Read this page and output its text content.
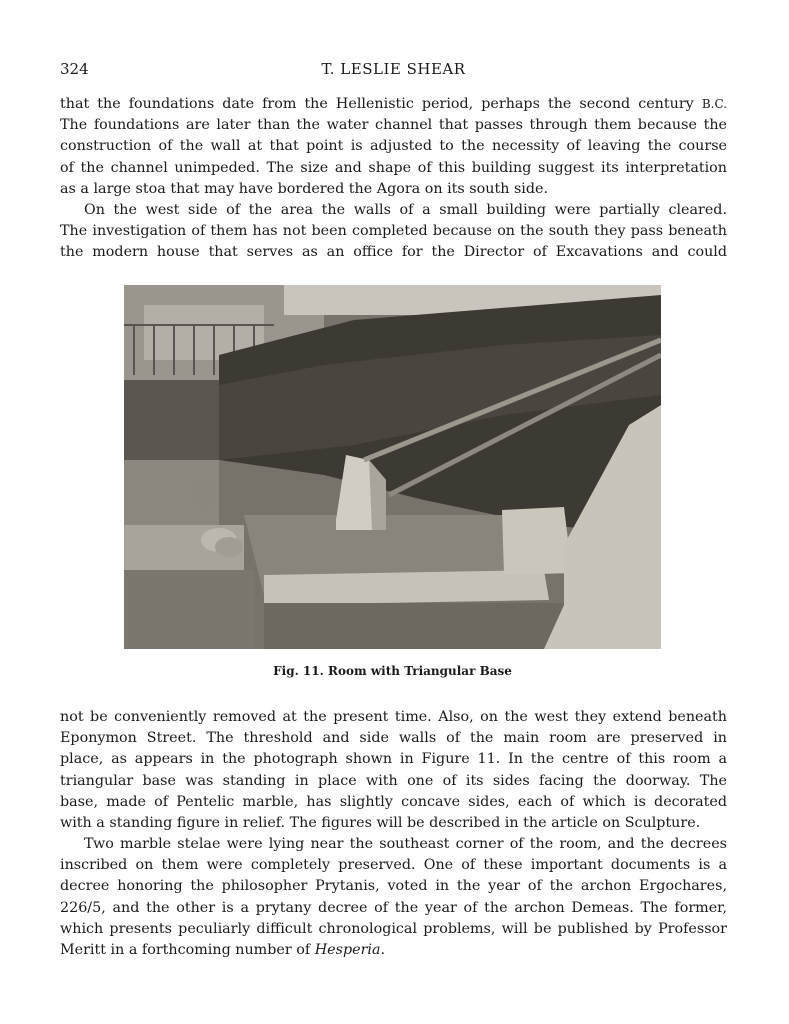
324	T. LESLIE SHEAR

that the foundations date from the Hellenistic period, perhaps the second century B.C.
The foundations are later than the water channel that passes through them because the
construction of the wall at that point is adjusted to the necessity of leaving the course
of the channel unimpeded. The size and shape of this building suggest its interpretation
as a large stoa that may have bordered the Agora on its south side.

On the west side of the area the walls of a small building were partially cleared.
The investigation of them has not been completed because on the south they pass beneath
the modern house that serves as an office for the Director of Excavations and could

Fig. 11. Room with Triangular Base

not be conveniently removed at the present time. Also, on the west they extend beneath
Eponymon Street. The threshold and side walls of the main room are preserved in
place, as appears in the photograph shown in Figure 11. In the centre of this room a
triangular base was standing in place with one of its sides facing the doorway. The
base, made of Pentelic marble, has slightly concave sides, each of which is decorated
with a standing figure in relief. The figures will be described in the article on Sculpture.

Two marble stelae were lying near the southeast corner of the room, and the decrees
inscribed on them were completely preserved. One of these important documents is a
decree honoring the philosopher Prytanis, voted in the year of the archon Ergochares,
226/5, and the other is a prytany decree of the year of the archon Demeas. The former,
which presents peculiarly difficult chronological problems, will be published by Professor
Meritt in a forthcoming number of Hesperia.
